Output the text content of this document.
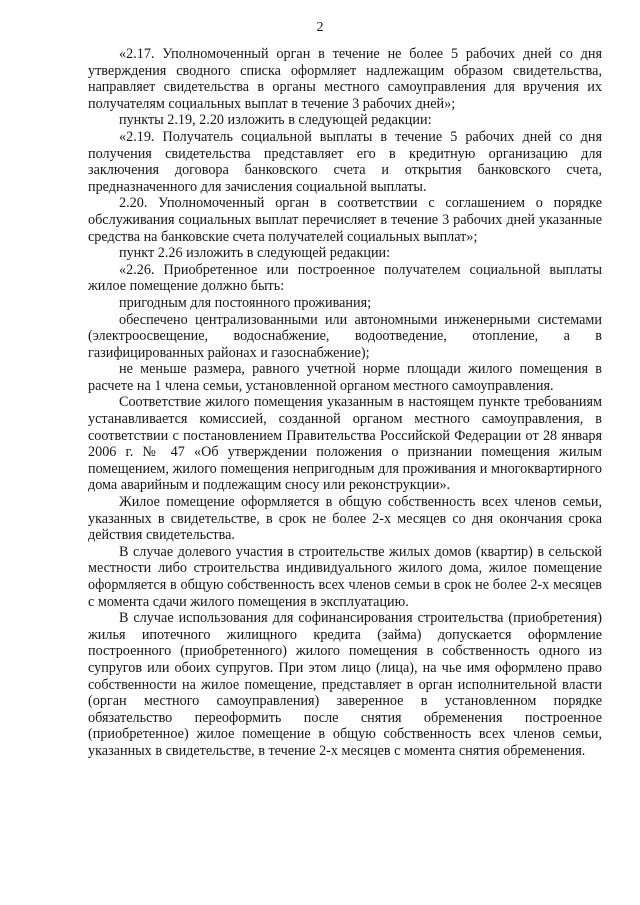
2

«2.17. Уполномоченный орган в течение не более 5 рабочих дней со дня утверждения сводного списка оформляет надлежащим образом свидетельства, направляет свидетельства в органы местного самоуправления для вручения их получателям социальных выплат в течение 3 рабочих дней»;

пункты 2.19, 2.20 изложить в следующей редакции:

«2.19. Получатель социальной выплаты в течение 5 рабочих дней со дня получения свидетельства представляет его в кредитную организацию для заключения договора банковского счета и открытия банковского счета, предназначенного для зачисления социальной выплаты.

2.20. Уполномоченный орган в соответствии с соглашением о порядке обслуживания социальных выплат перечисляет в течение 3 рабочих дней указанные средства на банковские счета получателей социальных выплат»;

пункт 2.26 изложить в следующей редакции:

«2.26. Приобретенное или построенное получателем социальной выплаты жилое помещение должно быть:

пригодным для постоянного проживания;

обеспечено централизованными или автономными инженерными системами (электроосвещение, водоснабжение, водоотведение, отопление, а в газифицированных районах и газоснабжение);

не меньше размера, равного учетной норме площади жилого помещения в расчете на 1 члена семьи, установленной органом местного самоуправления.

Соответствие жилого помещения указанным в настоящем пункте требованиям устанавливается комиссией, созданной органом местного самоуправления, в соответствии с постановлением Правительства Российской Федерации от 28 января 2006 г. № 47 «Об утверждении положения о признании помещения жилым помещением, жилого помещения непригодным для проживания и многоквартирного дома аварийным и подлежащим сносу или реконструкции».

Жилое помещение оформляется в общую собственность всех членов семьи, указанных в свидетельстве, в срок не более 2-х месяцев со дня окончания срока действия свидетельства.

В случае долевого участия в строительстве жилых домов (квартир) в сельской местности либо строительства индивидуального жилого дома, жилое помещение оформляется в общую собственность всех членов семьи в срок не более 2-х месяцев с момента сдачи жилого помещения в эксплуатацию.

В случае использования для софинансирования строительства (приобретения) жилья ипотечного жилищного кредита (займа) допускается оформление построенного (приобретенного) жилого помещения в собственность одного из супругов или обоих супругов. При этом лицо (лица), на чье имя оформлено право собственности на жилое помещение, представляет в орган исполнительной власти (орган местного самоуправления) заверенное в установленном порядке обязательство переоформить после снятия обременения построенное (приобретенное) жилое помещение в общую собственность всех членов семьи, указанных в свидетельстве, в течение 2-х месяцев с момента снятия обременения.
